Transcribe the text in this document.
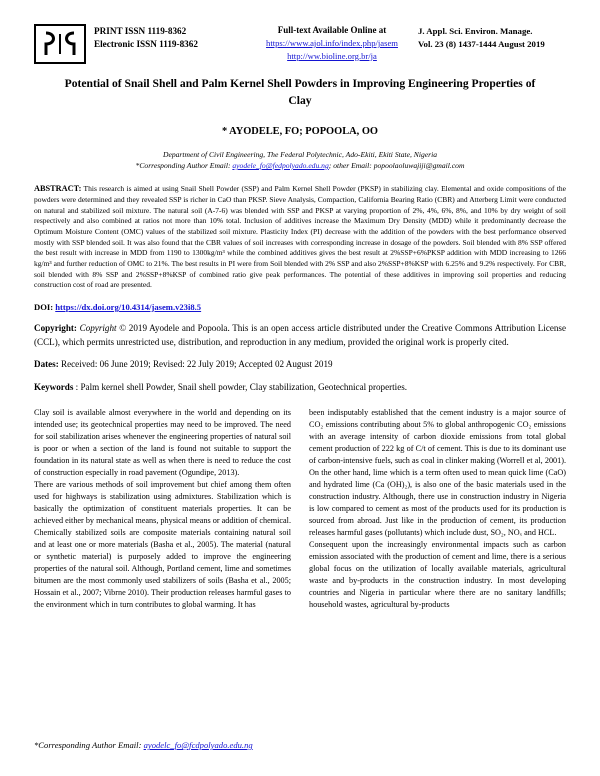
PRINT ISSN 1119-8362
Electronic ISSN 1119-8362
Full-text Available Online at
https://www.ajol.info/index.php/jasem
http://ww.bioline.org.br/ja
J. Appl. Sci. Environ. Manage.
Vol. 23 (8) 1437-1444 August 2019
Potential of Snail Shell and Palm Kernel Shell Powders in Improving Engineering Properties of Clay
* AYODELE, FO; POPOOLA, OO
Department of Civil Engineering, The Federal Polytechnic, Ado-Ekiti, Ekiti State, Nigeria
*Corresponding Author Email: ayodele_fo@fedpolyado.edu.ng; other Email: popoolaoluwajiji@gmail.com
ABSTRACT: This research is aimed at using Snail Shell Powder (SSP) and Palm Kernel Shell Powder (PKSP) in stabilizing clay. Elemental and oxide compositions of the powders were determined and they revealed SSP is richer in CaO than PKSP. Sieve Analysis, Compaction, California Bearing Ratio (CBR) and Atterberg Limit were conducted on natural and stabilized soil mixture. The natural soil (A-7-6) was blended with SSP and PKSP at varying proportion of 2%, 4%, 6%, 8%, and 10% by dry weight of soil respectively and also combined at ratios not more than 10% total. Inclusion of additives increase the Maximum Dry Density (MDD) while it predominantly decrease the Optimum Moisture Content (OMC) values of the stabilized soil mixture. Plasticity Index (PI) decrease with the addition of the powders with the best performance observed mostly with SSP blended soil. It was also found that the CBR values of soil increases with corresponding increase in dosage of the powders. Soil blended with 8% SSP offered the best result with increase in MDD from 1190 to 1300kg/m³ while the combined additives gives the best result at 2%SSP+6%PKSP addition with MDD increasing to 1266 kg/m³ and further reduction of OMC to 21%. The best results in PI were from Soil blended with 2% SSP and also 2%SSP+8%KSP with 6.25% and 9.2% respectively. For CBR, soil blended with 8% SSP and 2%SSP+8%KSP of combined ratio give peak performances. The potential of these additives in improving soil properties and reducing construction cost of road are presented.
DOI: https://dx.doi.org/10.4314/jasem.v23i8.5
Copyright: Copyright © 2019 Ayodele and Popoola. This is an open access article distributed under the Creative Commons Attribution License (CCL), which permits unrestricted use, distribution, and reproduction in any medium, provided the original work is properly cited.
Dates: Received: 06 June 2019; Revised: 22 July 2019; Accepted 02 August 2019
Keywords : Palm kernel shell Powder, Snail shell powder, Clay stabilization, Geotechnical properties.

Clay soil is available almost everywhere in the world and depending on its intended use; its geotechnical properties may need to be improved. The need for soil stabilization arises whenever the engineering properties of natural soil is poor or when a section of the land is found not suitable to support the foundation in its natural state as well as when there is need to reduce the cost of construction especially in road pavement (Ogundipe, 2013).

There are various methods of soil improvement but chief among them often used for highways is stabilization using admixtures. Stabilization which is basically the optimization of constituent materials properties. It can be achieved either by mechanical means, physical means or addition of chemical. Chemically stabilized soils are composite materials containing natural soil and at least one or more materials (Basha et al., 2005). The material (natural or synthetic material) is purposely added to improve the engineering properties of the natural soil. Although, Portland cement, lime and sometimes bitumen are the most commonly used stabilizers of soils (Basha et al., 2005; Hossain et al., 2007; Vibrne 2010). Their production releases harmful gases to the environment which in turn contributes to global warming. It has

been indisputably established that the cement industry is a major source of CO₂ emissions contributing about 5% to global anthropogenic CO₂ emissions with an average intensity of carbon dioxide emissions from total global cement production of 222 kg of C/t of cement. This is due to its dominant use of carbon-intensive fuels, such as coal in clinker making (Worrell et al, 2001). On the other hand, lime which is a term often used to mean quick lime (CaO) and hydrated lime (Ca (OH)₂), is also one of the basic materials used in the construction industry. Although, there use in construction industry in Nigeria is low compared to cement as most of the products used for its production is sourced from abroad. Just like in the production of cement, its production releases harmful gases (pollutants) which include dust, SO₂, NOₓ and HCL.

Consequent upon the increasingly environmental impacts such as carbon emission associated with the production of cement and lime, there is a serious global focus on the utilization of locally available materials, agricultural waste and by-products in the construction industry. In most developing countries and Nigeria in particular where there are no sanitary landfills; household wastes, agricultural by-products

*Corresponding Author Email: ayodelc_fo@fcdpolyado.edu.ng
